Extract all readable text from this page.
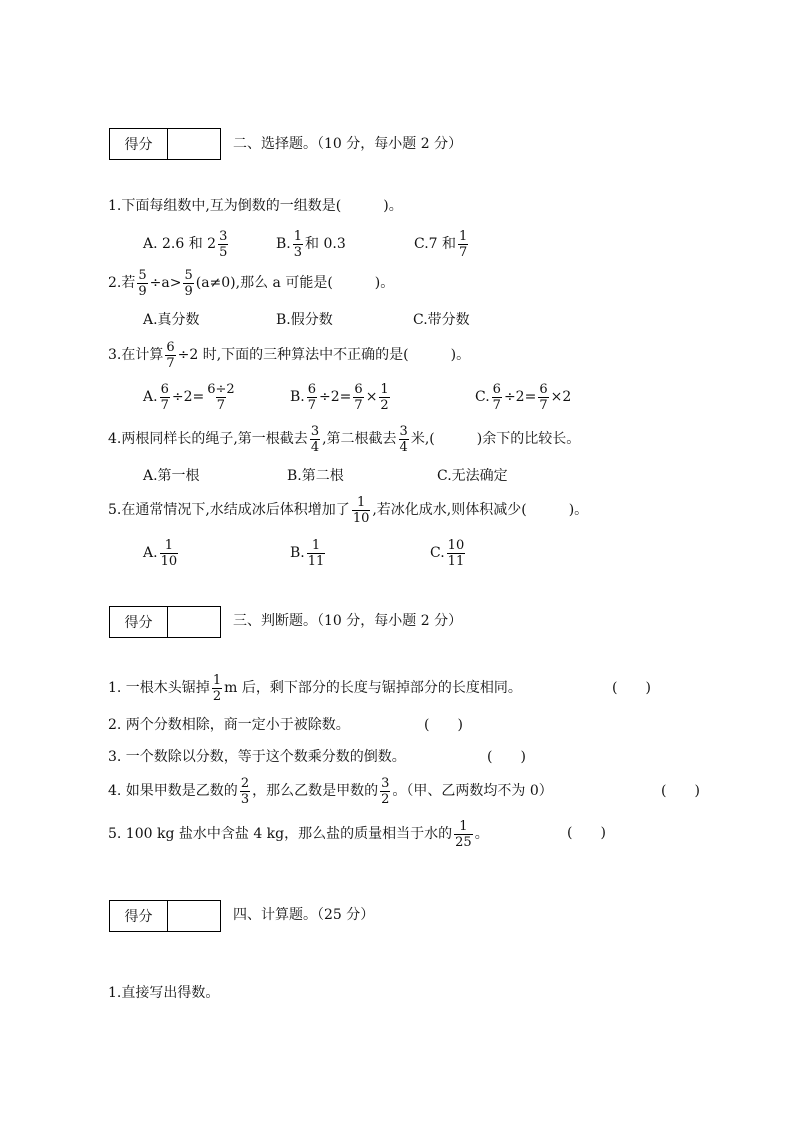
得分	二、选择题。（10 分，每小题 2 分）
1.下面每组数中,互为倒数的一组数是(　　　)。
A. 2.6 和 $2 \frac{3}{5}$	B. $\frac{1}{3}$ 和 0.3	C.7 和 $\frac{1}{7}$
2.若 $\frac{5}{9} \div a> \frac{5}{9} (a\ne 0)$,那么 a 可能是(　　　)。
A.真分数	B.假分数	C.带分数
3.在计算 $\frac{6}{7} \div 2$ 时,下面的三种算法中不正确的是(　　　)。
A. $\frac{6}{7} \div 2= \frac{6\div 2}{7}$	B. $\frac{6}{7} \div 2= \frac{6}{7} \times \frac{1}{2}$	C. $\frac{6}{7} \div 2= \frac{6}{7} \times 2$
4.两根同样长的绳子,第一根截去 $\frac{3}{4}$ ,第二根截去 $\frac{3}{4}$ 米,(　　　)余下的比较长。
A.第一根	B.第二根	C.无法确定
5.在通常情况下,水结成冰后体积增加了 $\frac{1}{10}$ ,若冰化成水,则体积减少(　　　)。
A. $\frac{1}{10}$	B. $\frac{1}{11}$	C. $\frac{10}{11}$
得分	三、判断题。（10 分，每小题 2 分）
1. 一根木头锯掉 $\frac{1}{2}$ m 后，剩下部分的长度与锯掉部分的长度相同。	(　　)
2. 两个分数相除，商一定小于被除数。	(　　)
3. 一个数除以分数，等于这个数乘分数的倒数。	(　　)
4. 如果甲数是乙数的 $\frac{2}{3}$ ，那么乙数是甲数的 $\frac{3}{2}$ 。（甲、乙两数均不为 0）	(　　)
5. 100 kg 盐水中含盐 4 kg，那么盐的质量相当于水的 $\frac{1}{25}$ 。	(　　)
得分	四、计算题。（25 分）
1.直接写出得数。
